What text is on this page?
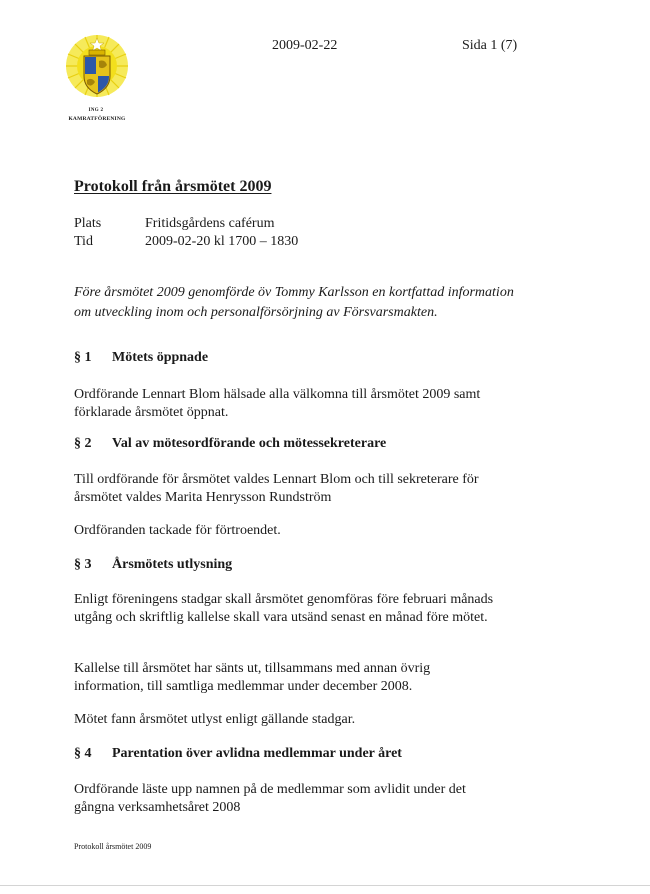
ING 2
KAMRATFÖRENING
2009-02-22	Sida 1 (7)
Protokoll från årsmötet 2009
Plats	Fritidsgårdens caférum
Tid	2009-02-20 kl 1700 – 1830
Före årsmötet 2009 genomförde öv Tommy Karlsson en kortfattad information om utveckling inom och personalförsörjning av Försvarsmakten.
§ 1 Mötets öppnade
Ordförande Lennart Blom hälsade alla välkomna till årsmötet 2009 samt förklarade årsmötet öppnat.
§ 2 Val av mötesordförande och mötessekreterare
Till ordförande för årsmötet valdes Lennart Blom och till sekreterare för årsmötet valdes Marita Henrysson Rundström
Ordföranden tackade för förtroendet.
§ 3 Årsmötets utlysning
Enligt föreningens stadgar skall årsmötet genomföras före februari månads utgång och skriftlig kallelse skall vara utsänd senast en månad före mötet.
Kallelse till årsmötet har sänts ut, tillsammans med annan övrig information, till samtliga medlemmar under december 2008.
Mötet fann årsmötet utlyst enligt gällande stadgar.
§ 4 Parentation över avlidna medlemmar under året
Ordförande läste upp namnen på de medlemmar som avlidit under det gångna verksamhetsåret 2008
Protokoll årsmötet 2009
